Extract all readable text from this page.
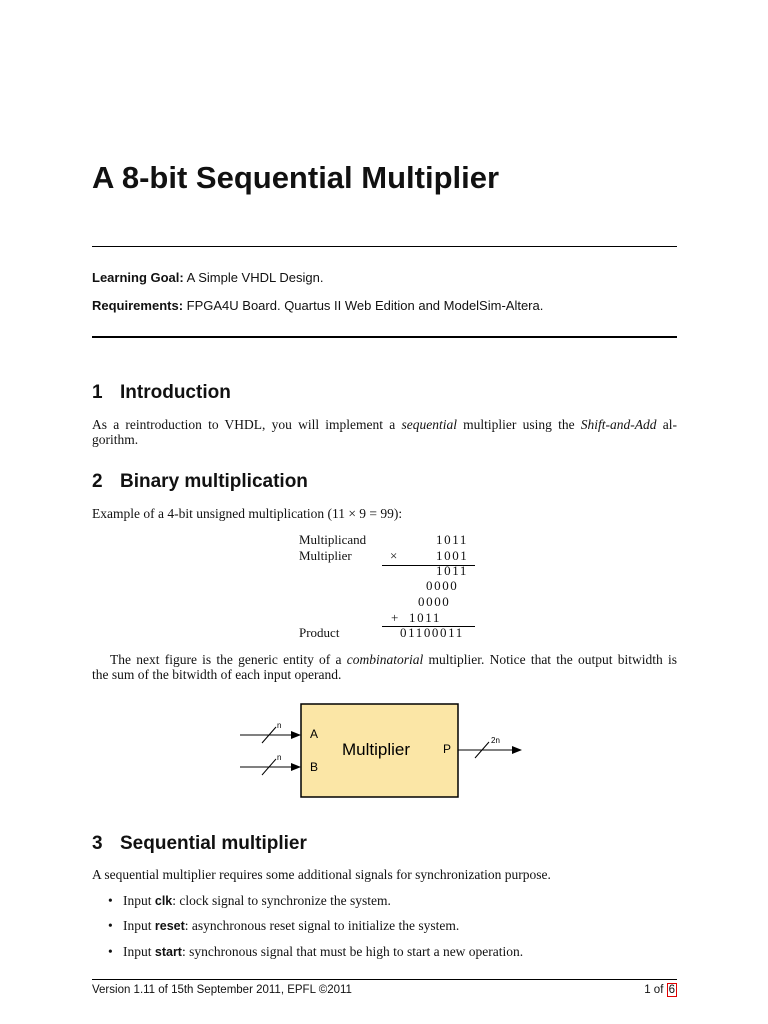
A 8-bit Sequential Multiplier
Learning Goal: A Simple VHDL Design.
Requirements: FPGA4U Board. Quartus II Web Edition and ModelSim-Altera.
1 Introduction
As a reintroduction to VHDL, you will implement a sequential multiplier using the Shift-and-Add al-
gorithm.
2 Binary multiplication
Example of a 4-bit unsigned multiplication (11 × 9 = 99):
Multiplicand	1011
Multiplier	×	1001
1011
0000
0000
+ 1011
Product	01100011
The next figure is the generic entity of a combinatorial multiplier. Notice that the output bitwidth is
the sum of the bitwidth of each input operand.
n
n
A
B
Multiplier	P
2n
3 Sequential multiplier
A sequential multiplier requires some additional signals for synchronization purpose.
• Input clk: clock signal to synchronize the system.
• Input reset: asynchronous reset signal to initialize the system.
• Input start: synchronous signal that must be high to start a new operation.
Version 1.11 of 15th September 2011, EPFL ©2011	1 of 6
